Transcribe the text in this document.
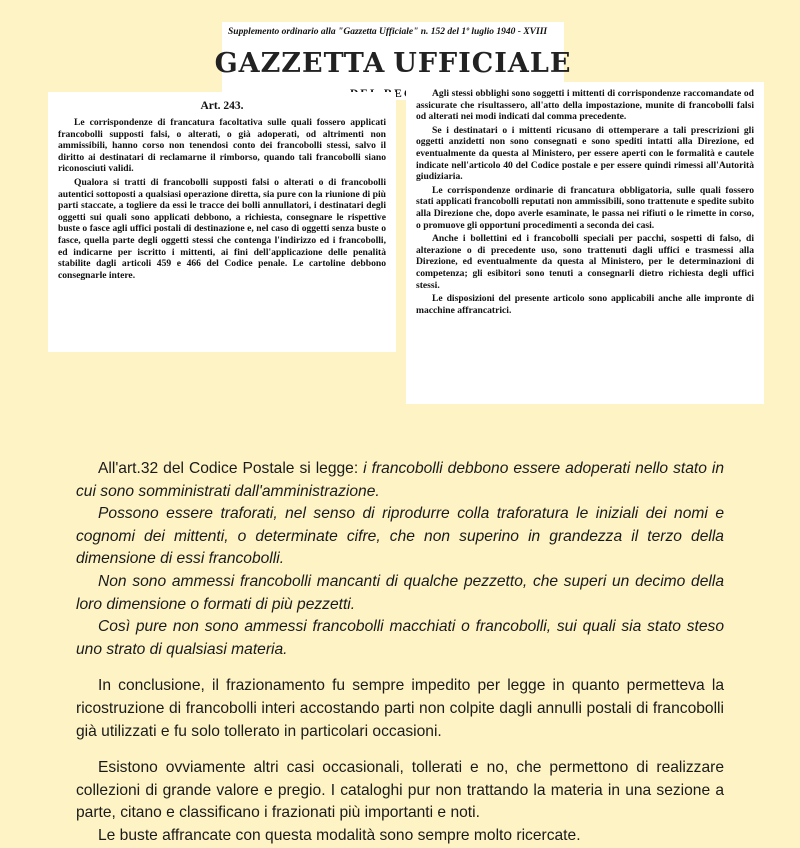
Supplemento ordinario alla "Gazzetta Ufficiale" n. 152 del 1º luglio 1940 - XVIII
GAZZETTA UFFICIALE
Art. 243.

Le corrispondenze di francatura facoltativa sulle quali fossero applicati francobolli supposti falsi, o alterati, o già adoperati, od altrimenti non ammissibili, hanno corso non tenendosi conto dei francobolli stessi, salvo il diritto ai destinatari di reclamarne il rimborso, quando tali francobolli siano riconosciuti validi.

Qualora si tratti di francobolli supposti falsi o alterati o di francobolli autentici sottoposti a qualsiasi operazione diretta, sia pure con la riunione di più parti staccate, a togliere da essi le tracce dei bolli annullatori, i destinatari degli oggetti sui quali sono applicati debbono, a richiesta, consegnare le rispettive buste o fasce agli uffici postali di destinazione e, nel caso di oggetti senza buste o fasce, quella parte degli oggetti stessi che contenga l'indirizzo ed i francobolli, ed indicarne per iscritto i mittenti, ai fini dell'applicazione delle penalità stabilite dagli articoli 459 e 466 del Codice penale. Le cartoline debbono consegnarle intere.

Agli stessi obblighi sono soggetti i mittenti di corrispondenze raccomandate od assicurate che risultassero, all'atto della impostazione, munite di francobolli falsi od alterati nei modi indicati dal comma precedente.

Se i destinatari o i mittenti ricusano di ottemperare a tali prescrizioni gli oggetti anzidetti non sono consegnati e sono spediti intatti alla Direzione, ed eventualmente da questa al Ministero, per essere aperti con le formalità e cautele indicate nell'articolo 40 del Codice postale e per essere quindi rimessi all'Autorità giudiziaria.

Le corrispondenze ordinarie di francatura obbligatoria, sulle quali fossero stati applicati francobolli reputati non ammissibili, sono trattenute e spedite subito alla Direzione che, dopo averle esaminate, le passa nei rifiuti o le rimette in corso, o promuove gli opportuni procedimenti a seconda dei casi.

Anche i bollettini ed i francobolli speciali per pacchi, sospetti di falso, di alterazione o di precedente uso, sono trattenuti dagli uffici e trasmessi alla Direzione, ed eventualmente da questa al Ministero, per le determinazioni di competenza; gli esibitori sono tenuti a consegnarli dietro richiesta degli uffici stessi.

Le disposizioni del presente articolo sono applicabili anche alle impronte di macchine affrancatrici.

All'art.32 del Codice Postale si legge: i francobolli debbono essere adoperati nello stato in cui sono somministrati dall'amministrazione.

Possono essere traforati, nel senso di riprodurre colla traforatura le iniziali dei nomi e cognomi dei mittenti, o determinate cifre, che non superino in grandezza il terzo della dimensione di essi francobolli.

Non sono ammessi francobolli mancanti di qualche pezzetto, che superi un decimo della loro dimensione o formati di più pezzetti.

Così pure non sono ammessi francobolli macchiati o francobolli, sui quali sia stato steso uno strato di qualsiasi materia.

In conclusione, il frazionamento fu sempre impedito per legge in quanto permetteva la ricostruzione di francobolli interi accostando parti non colpite dagli annulli postali di francobolli già utilizzati e fu solo tollerato in particolari occasioni.

Esistono ovviamente altri casi occasionali, tollerati e no, che permettono di realizzare collezioni di grande valore e pregio. I cataloghi pur non trattando la materia in una sezione a parte, citano e classificano i frazionati più importanti e noti.

Le buste affrancate con questa modalità sono sempre molto ricercate.
